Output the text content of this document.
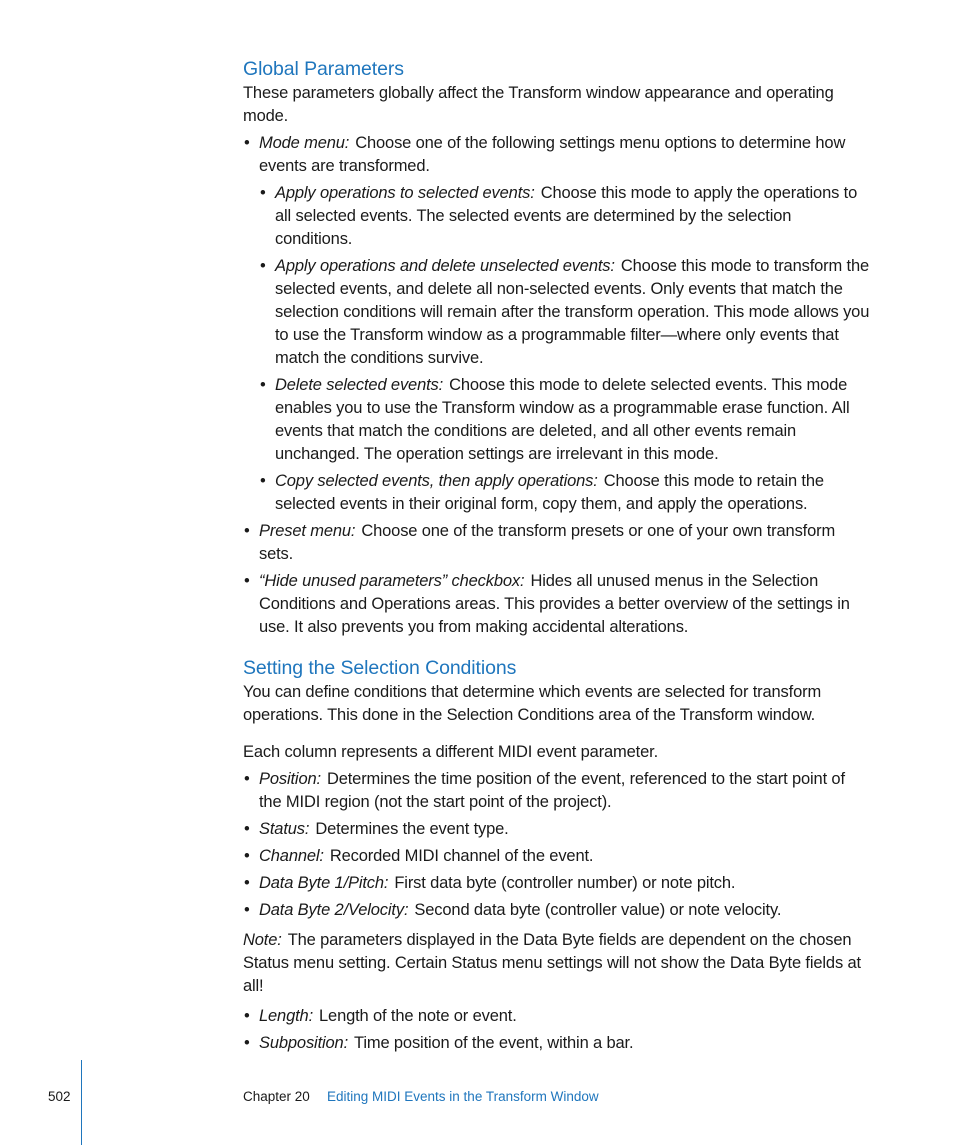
Global Parameters

These parameters globally affect the Transform window appearance and operating mode.

• Mode menu: Choose one of the following settings menu options to determine how events are transformed.
• Apply operations to selected events: Choose this mode to apply the operations to all selected events. The selected events are determined by the selection conditions.
• Apply operations and delete unselected events: Choose this mode to transform the selected events, and delete all non-selected events. Only events that match the selection conditions will remain after the transform operation. This mode allows you to use the Transform window as a programmable filter—where only events that match the conditions survive.
• Delete selected events: Choose this mode to delete selected events. This mode enables you to use the Transform window as a programmable erase function. All events that match the conditions are deleted, and all other events remain unchanged. The operation settings are irrelevant in this mode.
• Copy selected events, then apply operations: Choose this mode to retain the selected events in their original form, copy them, and apply the operations.
• Preset menu: Choose one of the transform presets or one of your own transform sets.
• “Hide unused parameters” checkbox: Hides all unused menus in the Selection Conditions and Operations areas. This provides a better overview of the settings in use. It also prevents you from making accidental alterations.
Setting the Selection Conditions

You can define conditions that determine which events are selected for transform operations. This done in the Selection Conditions area of the Transform window.

Each column represents a different MIDI event parameter.

• Position: Determines the time position of the event, referenced to the start point of the MIDI region (not the start point of the project).
• Status: Determines the event type.
• Channel: Recorded MIDI channel of the event.
• Data Byte 1/Pitch: First data byte (controller number) or note pitch.
• Data Byte 2/Velocity: Second data byte (controller value) or note velocity.

Note: The parameters displayed in the Data Byte fields are dependent on the chosen Status menu setting. Certain Status menu settings will not show the Data Byte fields at all!

• Length: Length of the note or event.
• Subposition: Time position of the event, within a bar.
502	Chapter 20 Editing MIDI Events in the Transform Window
